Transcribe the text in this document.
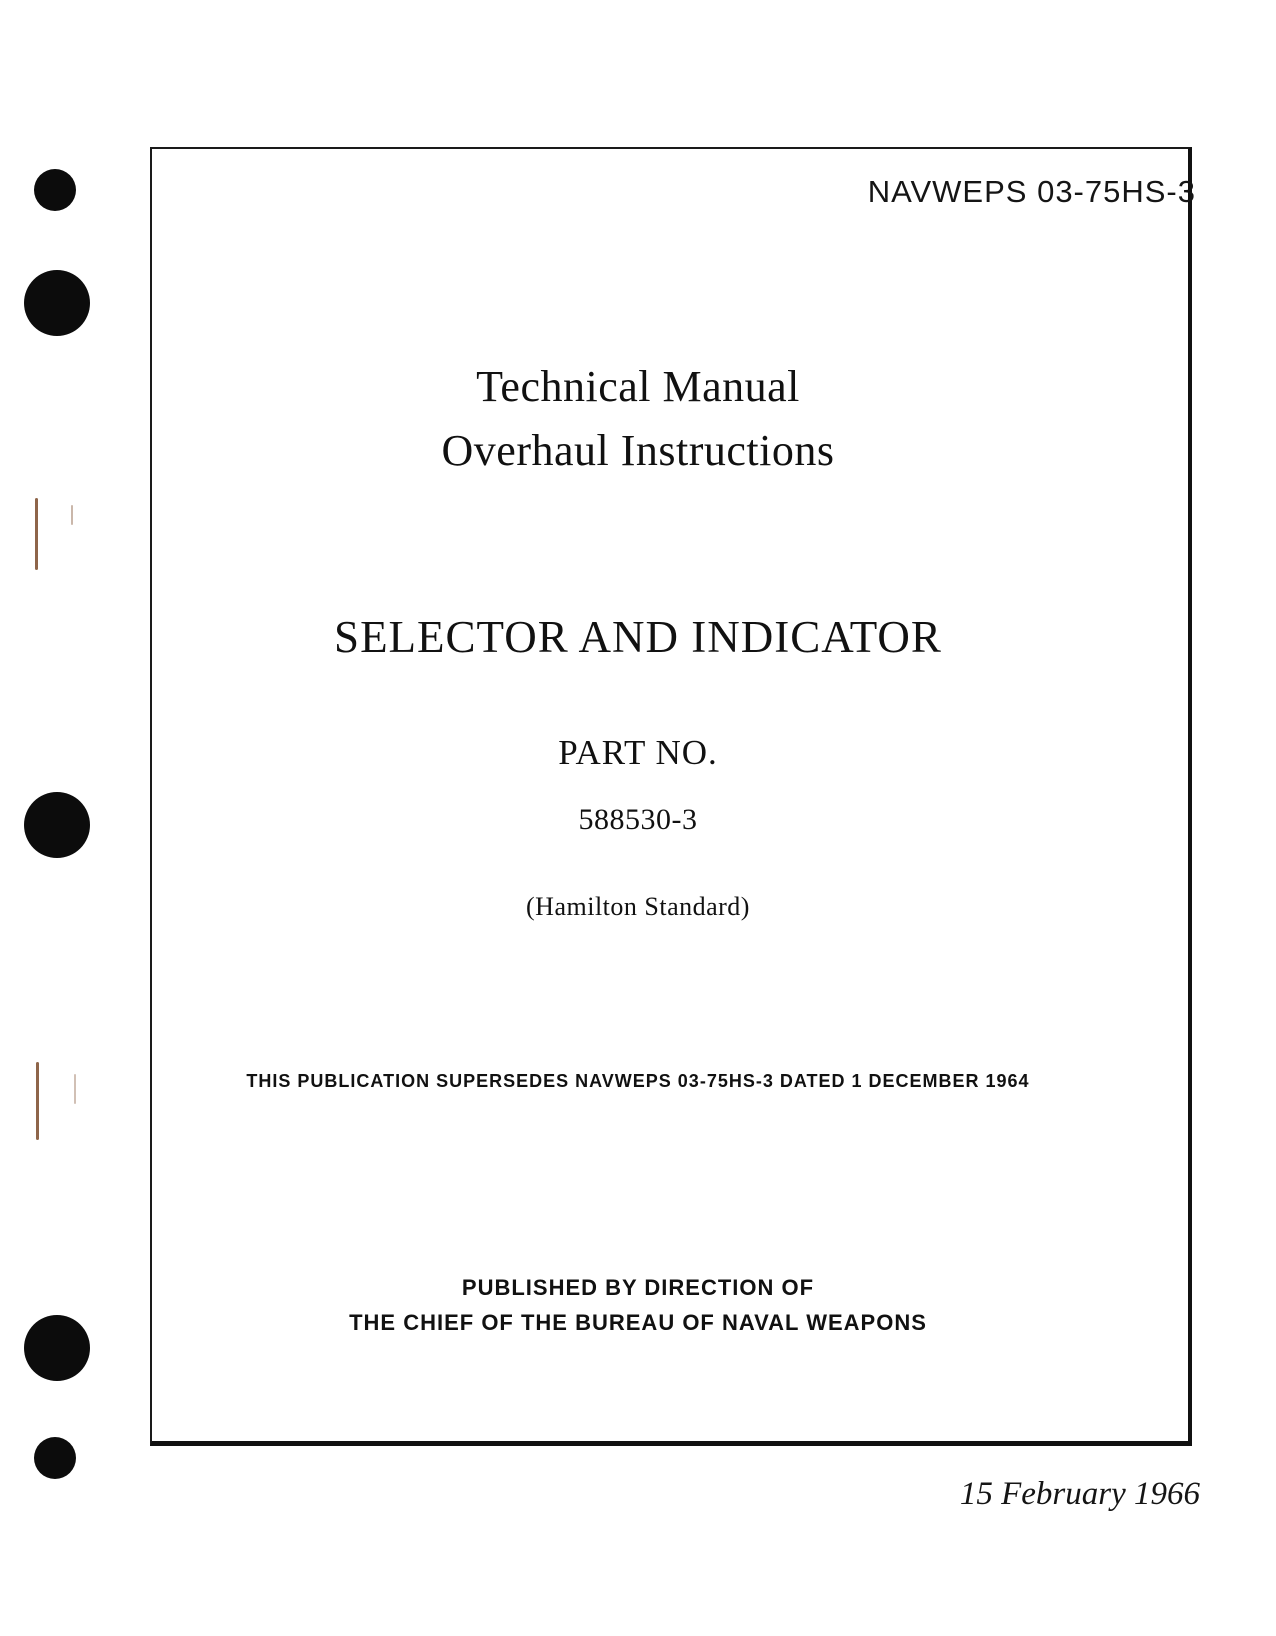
NAVWEPS 03-75HS-3

Technical Manual

Overhaul Instructions

SELECTOR AND INDICATOR

PART NO.

588530-3

(Hamilton Standard)

THIS PUBLICATION SUPERSEDES NAVWEPS 03-75HS-3 DATED 1 DECEMBER 1964

PUBLISHED BY DIRECTION OF

THE CHIEF OF THE BUREAU OF NAVAL WEAPONS

15 February 1966
